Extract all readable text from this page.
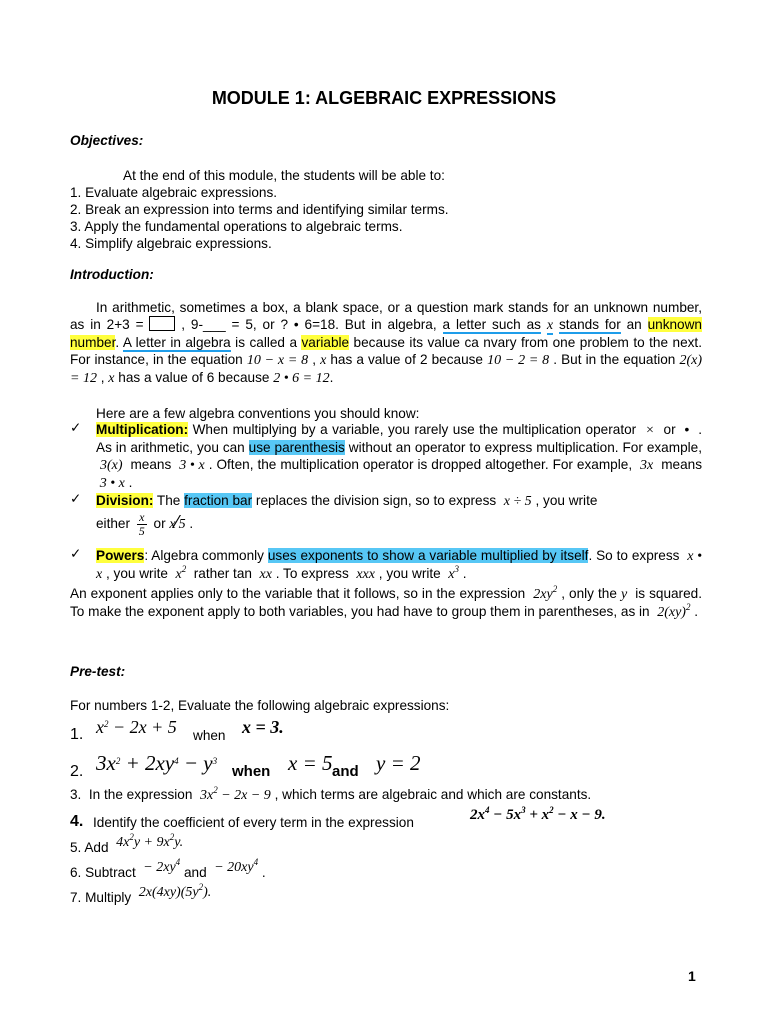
MODULE 1: ALGEBRAIC EXPRESSIONS
Objectives:
At the end of this module, the students will be able to:
1. Evaluate algebraic expressions.
2. Break an expression into terms and identifying similar terms.
3. Apply the fundamental operations to algebraic terms.
4. Simplify algebraic expressions.
Introduction:
In arithmetic, sometimes a box, a blank space, or a question mark stands for an unknown number, as in 2+3 =  , 9-___ = 5, or ? • 6=18. But in algebra, a letter such as x stands for an unknown number. A letter in algebra is called a variable because its value ca nvary from one problem to the next. For instance, in the equation 10 − x = 8 , x has a value of 2 because 10 − 2 = 8 . But in the equation 2(x) = 12 , x has a value of 6 because 2 • 6 = 12.
Here are a few algebra conventions you should know:
✓	Multiplication: When multiplying by a variable, you rarely use the multiplication operator  ×  or  •  . As in arithmetic, you can use parenthesis without an operator to express multiplication. For example,  3(x)  means  3 • x . Often, the multiplication operator is dropped altogether. For example,  3x  means  3 • x .
✓	Division: The fraction bar replaces the division sign, so to express  x ÷ 5 , you write
either $\frac{x}{5}$ or x⁄5 .
✓	Powers: Algebra commonly uses exponents to show a variable multiplied by itself. So to express  x • x , you write  $x^2$  rather tan  xx . To express  xxx , you write  $x^3$ .
An exponent applies only to the variable that it follows, so in the expression  $2xy^2$ , only the y  is squared. To make the exponent apply to both variables, you had have to group them in parentheses, as in  2(xy)$^2$ .
Pre-test:
For numbers 1-2, Evaluate the following algebraic expressions:
1. $x^2 - 2x + 5$ when x = 3.
2. $3x^2 + 2xy^4 - y^3$
when x = 5 and y = 2
3.  In the expression  $3x^2 - 2x - 9$ , which terms are algebraic and which are constants.
4. Identify the coefficient of every term in the expression	$2x^4 - 5x^3 + x^2 - x - 9$.
5. Add  $4x^2y + 9x^2y$.
6. Subtract  − $2xy^4$ and  − $20xy^4$ .
7. Multiply  $2x(4xy)(5y^2)$.
1
